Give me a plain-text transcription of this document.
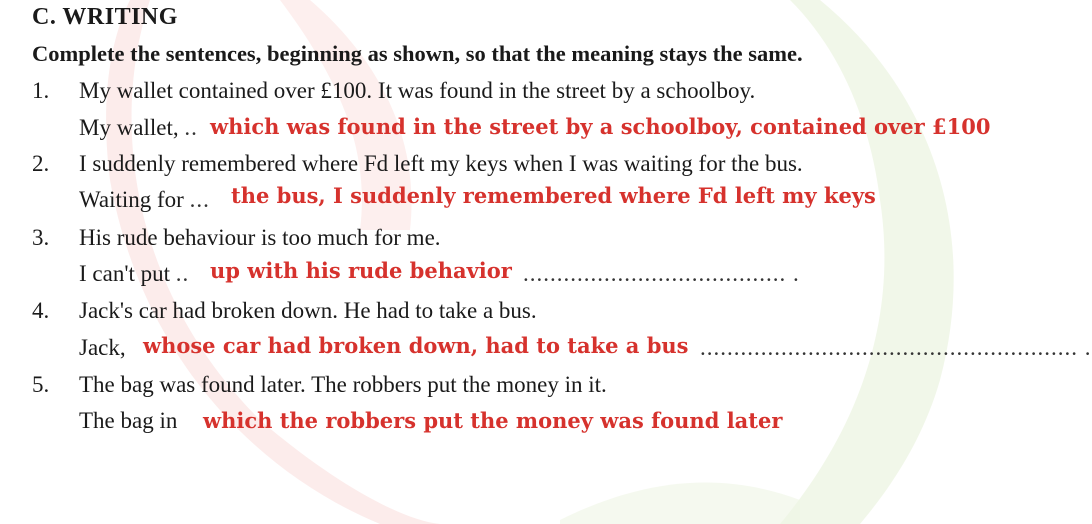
C. WRITING
Complete the sentences, beginning as shown, so that the meaning stays the same.
1. My wallet contained over £100. It was found in the street by a schoolboy.
My wallet, .. which was found in the street by a schoolboy, contained over £100
2. I suddenly remembered where Fd left my keys when I was waiting for the bus.
Waiting for ...	the bus, I suddenly remembered where Fd left my keys
3. His rude behaviour is too much for me.
I can't put ..	....................................... .
up with his rude behavior
4. Jack's car had broken down. He had to take a bus.
Jack,	........................................................ .
whose car had broken down, had to take a bus
5. The bag was found later. The robbers put the money in it.
The bag in which the robbers put the money was found later
